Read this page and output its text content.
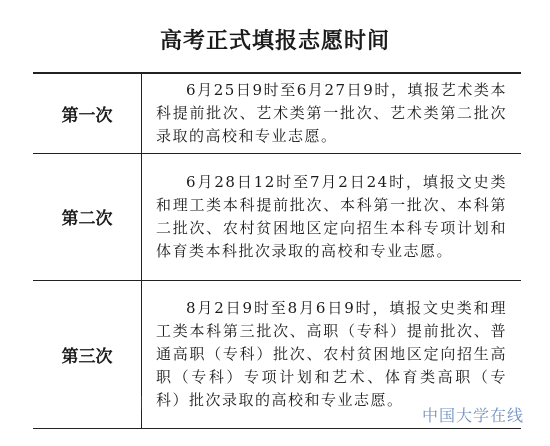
高考正式填报志愿时间
第一次	6月25日9时至6月27日9时，填报艺术类本科提前批次、艺术类第一批次、艺术类第二批次录取的高校和专业志愿。
第二次	6月28日12时至7月2日24时，填报文史类和理工类本科提前批次、本科第一批次、本科第二批次、农村贫困地区定向招生本科专项计划和体育类本科批次录取的高校和专业志愿。
第三次	8月2日9时至8月6日9时，填报文史类和理工类本科第三批次、高职（专科）提前批次、普通高职（专科）批次、农村贫困地区定向招生高职（专科）专项计划和艺术、体育类高职（专科）批次录取的高校和专业志愿。
中国大学在线
